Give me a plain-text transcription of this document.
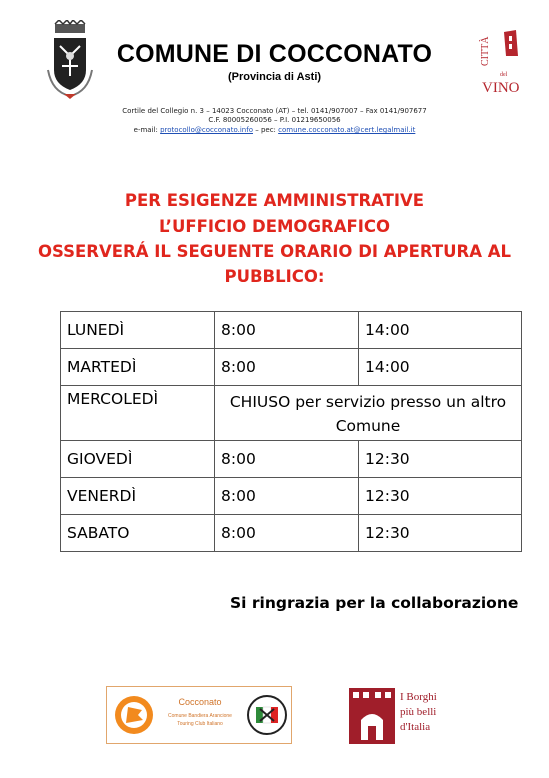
COMUNE DI COCCONATO
(Provincia di Asti)
CITTÀ
del
VINO
Cortile del Collegio n. 3 – 14023 Cocconato (AT) – tel. 0141/907007 – Fax 0141/907677
C.F. 80005260056 – P.I. 01219650056
e-mail: protocollo@cocconato.info – pec: comune.cocconato.at@cert.legalmail.it
PER ESIGENZE AMMINISTRATIVE
L’UFFICIO DEMOGRAFICO
OSSERVERÁ IL SEGUENTE ORARIO DI APERTURA AL
PUBBLICO:
LUNEDÌ	8:00	14:00
MARTEDÌ	8:00	14:00
MERCOLEDÌ	CHIUSO per servizio presso un altro Comune	
GIOVEDÌ	8:00	12:30
VENERDÌ	8:00	12:30
SABATO	8:00	12:30
Si ringrazia per la collaborazione
Cocconato
Comune Bandiera Arancione
Touring Club Italiano
I Borghi
più belli
d'Italia
